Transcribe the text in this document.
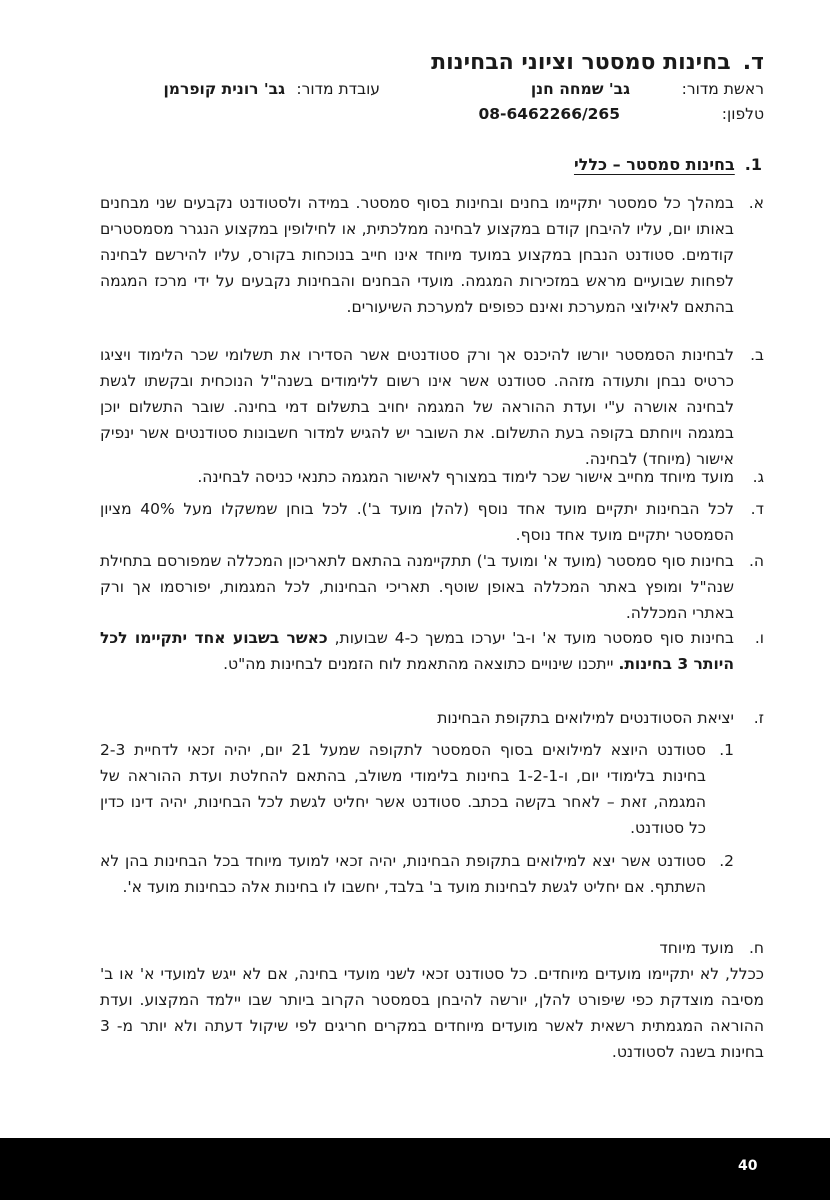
ד.בחינות סמסטר וציוני הבחינות
ראשת מדור:
גב' שמחה חנן
עובדת מדור:
גב' רונית קופרמן
טלפון:
08-6462266/265
1.בחינות סמסטר – כללי
א.
במהלך כל סמסטר יתקיימו בחנים ובחינות בסוף סמסטר. במידה ולסטודנט נקבעים שני מבחנים באותו יום, עליו להיבחן קודם במקצוע לבחינה ממלכתית, או לחילופין במקצוע הנגרר מסמסטרים קודמים. סטודנט הנבחן במקצוע במועד מיוחד אינו חייב בנוכחות בקורס, עליו להירשם לבחינה לפחות שבועיים מראש במזכירות המגמה. מועדי הבחנים והבחינות נקבעים על ידי מרכז המגמה בהתאם לאילוצי המערכת ואינם כפופים למערכת השיעורים.
ב.
לבחינות הסמסטר יורשו להיכנס אך ורק סטודנטים אשר הסדירו את תשלומי שכר הלימוד ויציגו כרטיס נבחן ותעודה מזהה. סטודנט אשר אינו רשום ללימודים בשנה"ל הנוכחית ובקשתו לגשת לבחינה אושרה ע"י ועדת ההוראה של המגמה יחויב בתשלום דמי בחינה. שובר התשלום יוכן במגמה ויוחתם בקופה בעת התשלום. את השובר יש להגיש למדור חשבונות סטודנטים אשר ינפיק אישור (מיוחד) לבחינה.
ג.
מועד מיוחד מחייב אישור שכר לימוד במצורף לאישור המגמה כתנאי כניסה לבחינה.
ד.
לכל הבחינות יתקיים מועד אחד נוסף (להלן מועד ב'). לכל בוחן שמשקלו מעל 40% מציון הסמסטר יתקיים מועד אחד נוסף.
ה.
בחינות סוף סמסטר (מועד א' ומועד ב') תתקיימנה בהתאם לתאריכון המכללה שמפורסם בתחילת שנה"ל ומופץ באתר המכללה באופן שוטף. תאריכי הבחינות, לכל המגמות, יפורסמו אך ורק באתרי המכללה.
ו.
בחינות סוף סמסטר מועד א' ו-ב' יערכו במשך כ-4 שבועות, כאשר בשבוע אחד יתקיימו לכל היותר 3 בחינות. ייתכנו שינויים כתוצאה מהתאמת לוח הזמנים לבחינות מה"ט.
ז.
יציאת הסטודנטים למילואים בתקופת הבחינות
1.
סטודנט היוצא למילואים בסוף הסמסטר לתקופה שמעל 21 יום, יהיה זכאי לדחיית 2-3 בחינות בלימודי יום, ו-1-2-1 בחינות בלימודי משולב, בהתאם להחלטת ועדת ההוראה של המגמה, זאת – לאחר בקשה בכתב. סטודנט אשר יחליט לגשת לכל הבחינות, יהיה דינו כדין כל סטודנט.
2.
סטודנט אשר יצא למילואים בתקופת הבחינות, יהיה זכאי למועד מיוחד בכל הבחינות בהן לא השתתף. אם יחליט לגשת לבחינות מועד ב' בלבד, יחשבו לו בחינות אלה כבחינות מועד א'.
ח.
מועד מיוחד
ככלל, לא יתקיימו מועדים מיוחדים. כל סטודנט זכאי לשני מועדי בחינה, אם לא ייגש למועדי א' או ב' מסיבה מוצדקת כפי שיפורט להלן, יורשה להיבחן בסמסטר הקרוב ביותר שבו יילמד המקצוע. ועדת ההוראה המגמתית רשאית לאשר מועדים מיוחדים במקרים חריגים לפי שיקול דעתה ולא יותר מ- 3 בחינות בשנה לסטודנט.
40
